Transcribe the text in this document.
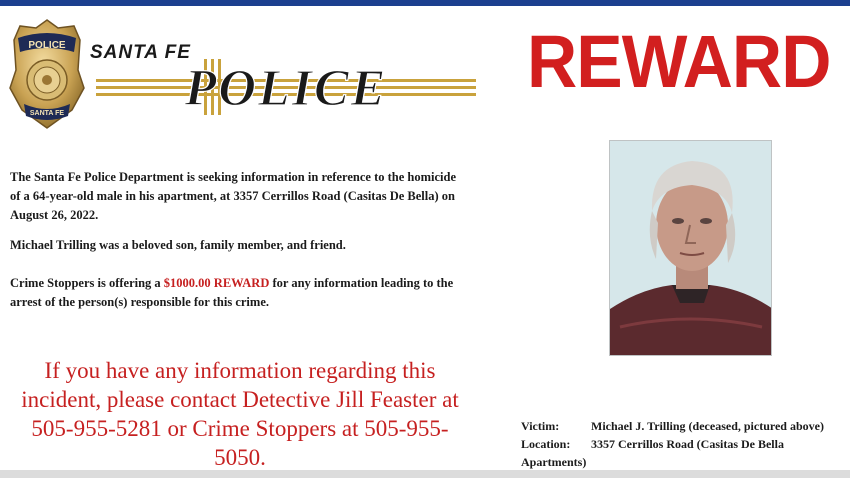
POLICE
SANTA FE
SANTA FE
POLICE REWARD

The Santa Fe Police Department is seeking information in reference to the homicide of a 64-year-old male in his apartment, at 3357 Cerrillos Road (Casitas De Bella) on August 26, 2022.

Michael Trilling was a beloved son, family member, and friend.

Crime Stoppers is offering a $1000.00 REWARD for any information leading to the arrest of the person(s) responsible for this crime.

If you have any information regarding this incident, please contact Detective Jill Feaster at 505-955-5281 or Crime Stoppers at 505-955-5050.

Victim:	Michael J. Trilling (deceased, pictured above)
Location:	3357 Cerrillos Road (Casitas De Bella
Apartments)
